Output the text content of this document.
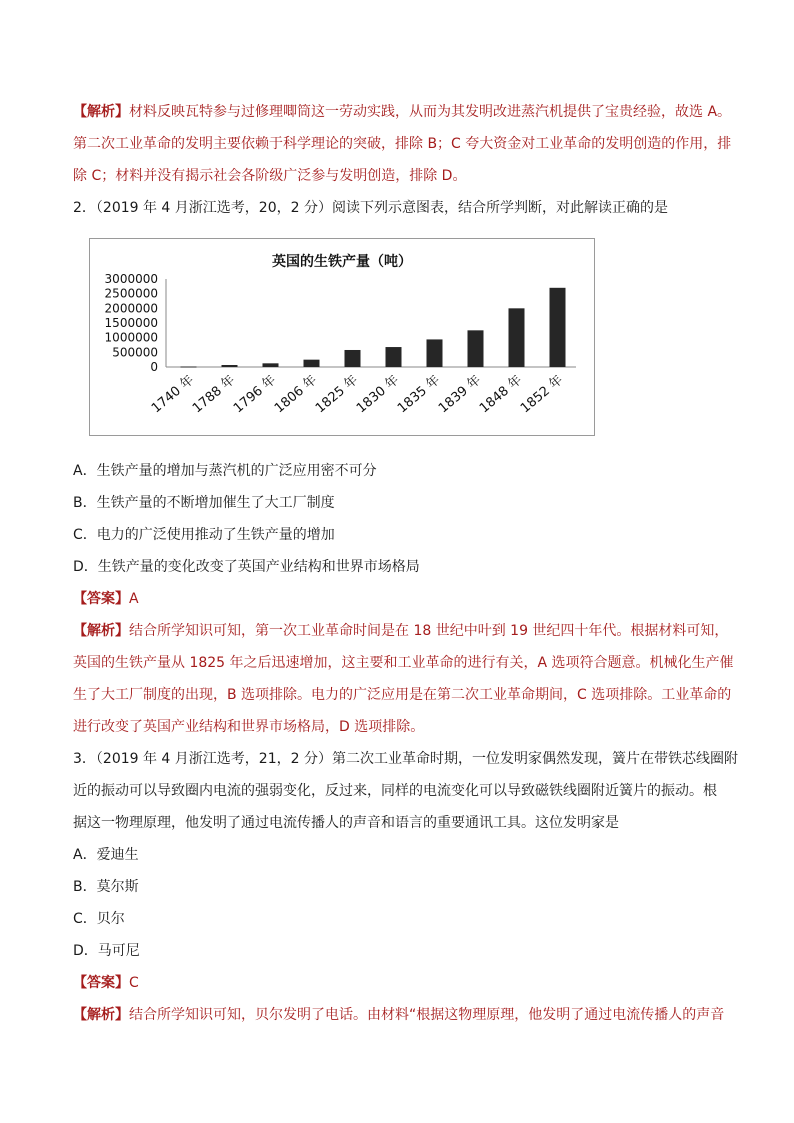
【解析】材料反映瓦特参与过修理唧筒这一劳动实践，从而为其发明改进蒸汽机提供了宝贵经验，故选 A。
第二次工业革命的发明主要依赖于科学理论的突破，排除 B；C 夸大资金对工业革命的发明创造的作用，排
除 C；材料并没有揭示社会各阶级广泛参与发明创造，排除 D。
2．（2019 年 4 月浙江选考，20，2 分）阅读下列示意图表，结合所学判断，对此解读正确的是
英国的生铁产量（吨）
3000000
2500000
2000000
1500000
1000000
500000
0
1740 年
1788 年
1796 年
1806 年
1825 年
1830 年
1835 年
1839 年
1848 年
1852 年
A．生铁产量的增加与蒸汽机的广泛应用密不可分
B．生铁产量的不断增加催生了大工厂制度
C．电力的广泛使用推动了生铁产量的增加
D．生铁产量的变化改变了英国产业结构和世界市场格局
【答案】A
【解析】结合所学知识可知，第一次工业革命时间是在 18 世纪中叶到 19 世纪四十年代。根据材料可知，
英国的生铁产量从 1825 年之后迅速增加，这主要和工业革命的进行有关，A 选项符合题意。机械化生产催
生了大工厂制度的出现，B 选项排除。电力的广泛应用是在第二次工业革命期间，C 选项排除。工业革命的
进行改变了英国产业结构和世界市场格局，D 选项排除。
3．（2019 年 4 月浙江选考，21，2 分）第二次工业革命时期，一位发明家偶然发现，簧片在带铁芯线圈附
近的振动可以导致圈内电流的强弱变化，反过来，同样的电流变化可以导致磁铁线圈附近簧片的振动。根
据这一物理原理，他发明了通过电流传播人的声音和语言的重要通讯工具。这位发明家是
A．爱迪生
B．莫尔斯
C．贝尔
D．马可尼
【答案】C
【解析】结合所学知识可知，贝尔发明了电话。由材料“根据这物理原理，他发明了通过电流传播人的声音
